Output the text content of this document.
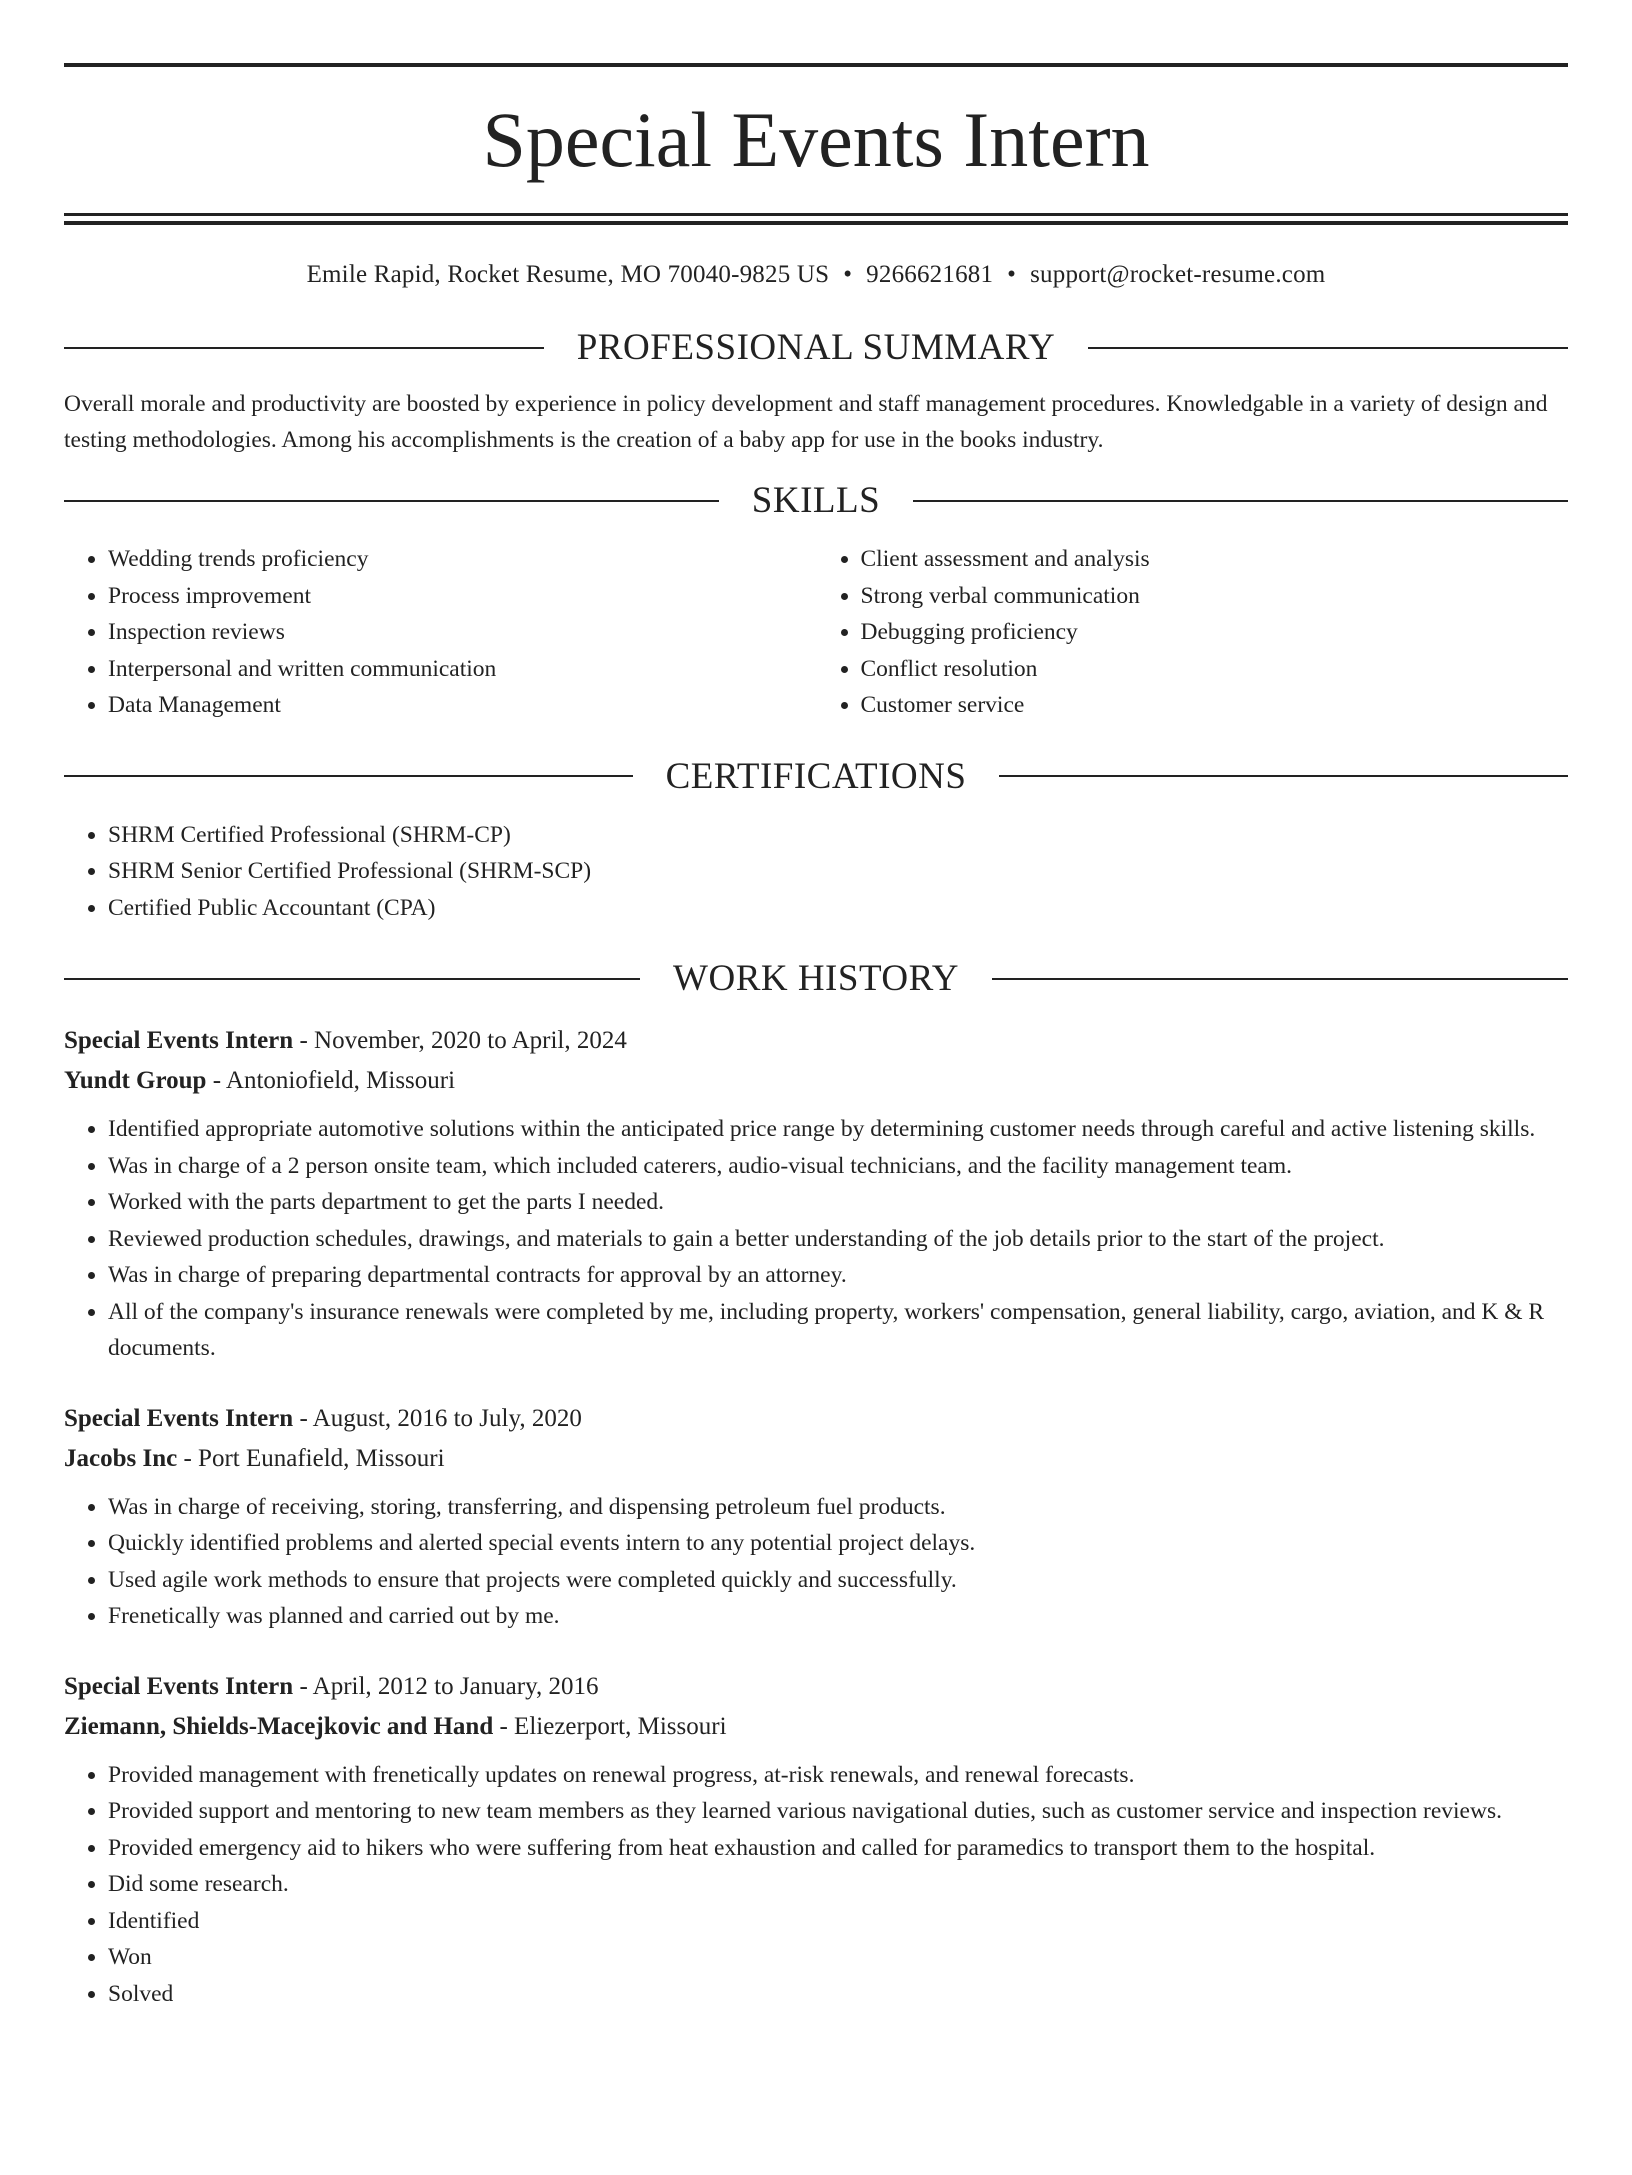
Special Events Intern
Emile Rapid, Rocket Resume, MO 70040-9825 US • 9266621681 • support@rocket-resume.com
PROFESSIONAL SUMMARY
Overall morale and productivity are boosted by experience in policy development and staff management procedures. Knowledgable in a variety of design and testing methodologies. Among his accomplishments is the creation of a baby app for use in the books industry.
SKILLS
• Wedding trends proficiency
• Process improvement
• Inspection reviews
• Interpersonal and written communication
• Data Management
• Client assessment and analysis
• Strong verbal communication
• Debugging proficiency
• Conflict resolution
• Customer service
CERTIFICATIONS
• SHRM Certified Professional (SHRM-CP)
• SHRM Senior Certified Professional (SHRM-SCP)
• Certified Public Accountant (CPA)
WORK HISTORY
Special Events Intern - November, 2020 to April, 2024
Yundt Group - Antoniofield, Missouri
• Identified appropriate automotive solutions within the anticipated price range by determining customer needs through careful and active listening skills.
• Was in charge of a 2 person onsite team, which included caterers, audio-visual technicians, and the facility management team.
• Worked with the parts department to get the parts I needed.
• Reviewed production schedules, drawings, and materials to gain a better understanding of the job details prior to the start of the project.
• Was in charge of preparing departmental contracts for approval by an attorney.
• All of the company's insurance renewals were completed by me, including property, workers' compensation, general liability, cargo, aviation, and K & R documents.
Special Events Intern - August, 2016 to July, 2020
Jacobs Inc - Port Eunafield, Missouri
• Was in charge of receiving, storing, transferring, and dispensing petroleum fuel products.
• Quickly identified problems and alerted special events intern to any potential project delays.
• Used agile work methods to ensure that projects were completed quickly and successfully.
• Frenetically was planned and carried out by me.
Special Events Intern - April, 2012 to January, 2016
Ziemann, Shields-Macejkovic and Hand - Eliezerport, Missouri
• Provided management with frenetically updates on renewal progress, at-risk renewals, and renewal forecasts.
• Provided support and mentoring to new team members as they learned various navigational duties, such as customer service and inspection reviews.
• Provided emergency aid to hikers who were suffering from heat exhaustion and called for paramedics to transport them to the hospital.
• Did some research.
• Identified
• Won
• Solved
